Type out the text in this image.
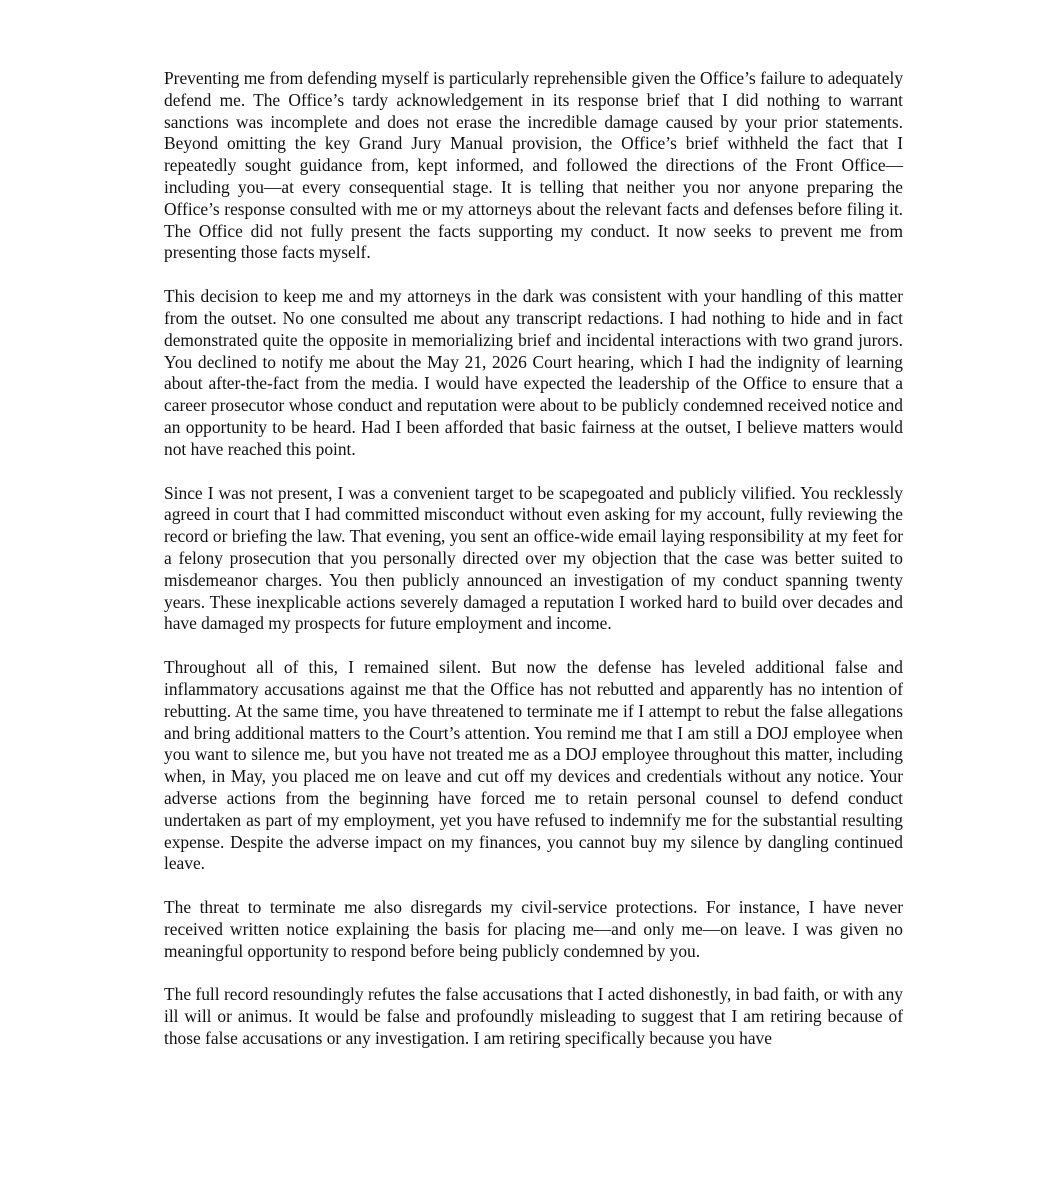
Preventing me from defending myself is particularly reprehensible given the Office’s failure to adequately defend me. The Office’s tardy acknowledgement in its response brief that I did nothing to warrant sanctions was incomplete and does not erase the incredible damage caused by your prior statements. Beyond omitting the key Grand Jury Manual provision, the Office’s brief withheld the fact that I repeatedly sought guidance from, kept informed, and followed the directions of the Front Office—including you—at every consequential stage. It is telling that neither you nor anyone preparing the Office’s response consulted with me or my attorneys about the relevant facts and defenses before filing it. The Office did not fully present the facts supporting my conduct. It now seeks to prevent me from presenting those facts myself.

This decision to keep me and my attorneys in the dark was consistent with your handling of this matter from the outset. No one consulted me about any transcript redactions. I had nothing to hide and in fact demonstrated quite the opposite in memorializing brief and incidental interactions with two grand jurors. You declined to notify me about the May 21, 2026 Court hearing, which I had the indignity of learning about after-the-fact from the media. I would have expected the leadership of the Office to ensure that a career prosecutor whose conduct and reputation were about to be publicly condemned received notice and an opportunity to be heard. Had I been afforded that basic fairness at the outset, I believe matters would not have reached this point.

Since I was not present, I was a convenient target to be scapegoated and publicly vilified. You recklessly agreed in court that I had committed misconduct without even asking for my account, fully reviewing the record or briefing the law. That evening, you sent an office-wide email laying responsibility at my feet for a felony prosecution that you personally directed over my objection that the case was better suited to misdemeanor charges. You then publicly announced an investigation of my conduct spanning twenty years. These inexplicable actions severely damaged a reputation I worked hard to build over decades and have damaged my prospects for future employment and income.

Throughout all of this, I remained silent. But now the defense has leveled additional false and inflammatory accusations against me that the Office has not rebutted and apparently has no intention of rebutting. At the same time, you have threatened to terminate me if I attempt to rebut the false allegations and bring additional matters to the Court’s attention. You remind me that I am still a DOJ employee when you want to silence me, but you have not treated me as a DOJ employee throughout this matter, including when, in May, you placed me on leave and cut off my devices and credentials without any notice. Your adverse actions from the beginning have forced me to retain personal counsel to defend conduct undertaken as part of my employment, yet you have refused to indemnify me for the substantial resulting expense. Despite the adverse impact on my finances, you cannot buy my silence by dangling continued leave.

The threat to terminate me also disregards my civil-service protections. For instance, I have never received written notice explaining the basis for placing me—and only me—on leave. I was given no meaningful opportunity to respond before being publicly condemned by you.

The full record resoundingly refutes the false accusations that I acted dishonestly, in bad faith, or with any ill will or animus. It would be false and profoundly misleading to suggest that I am retiring because of those false accusations or any investigation. I am retiring specifically because you have
